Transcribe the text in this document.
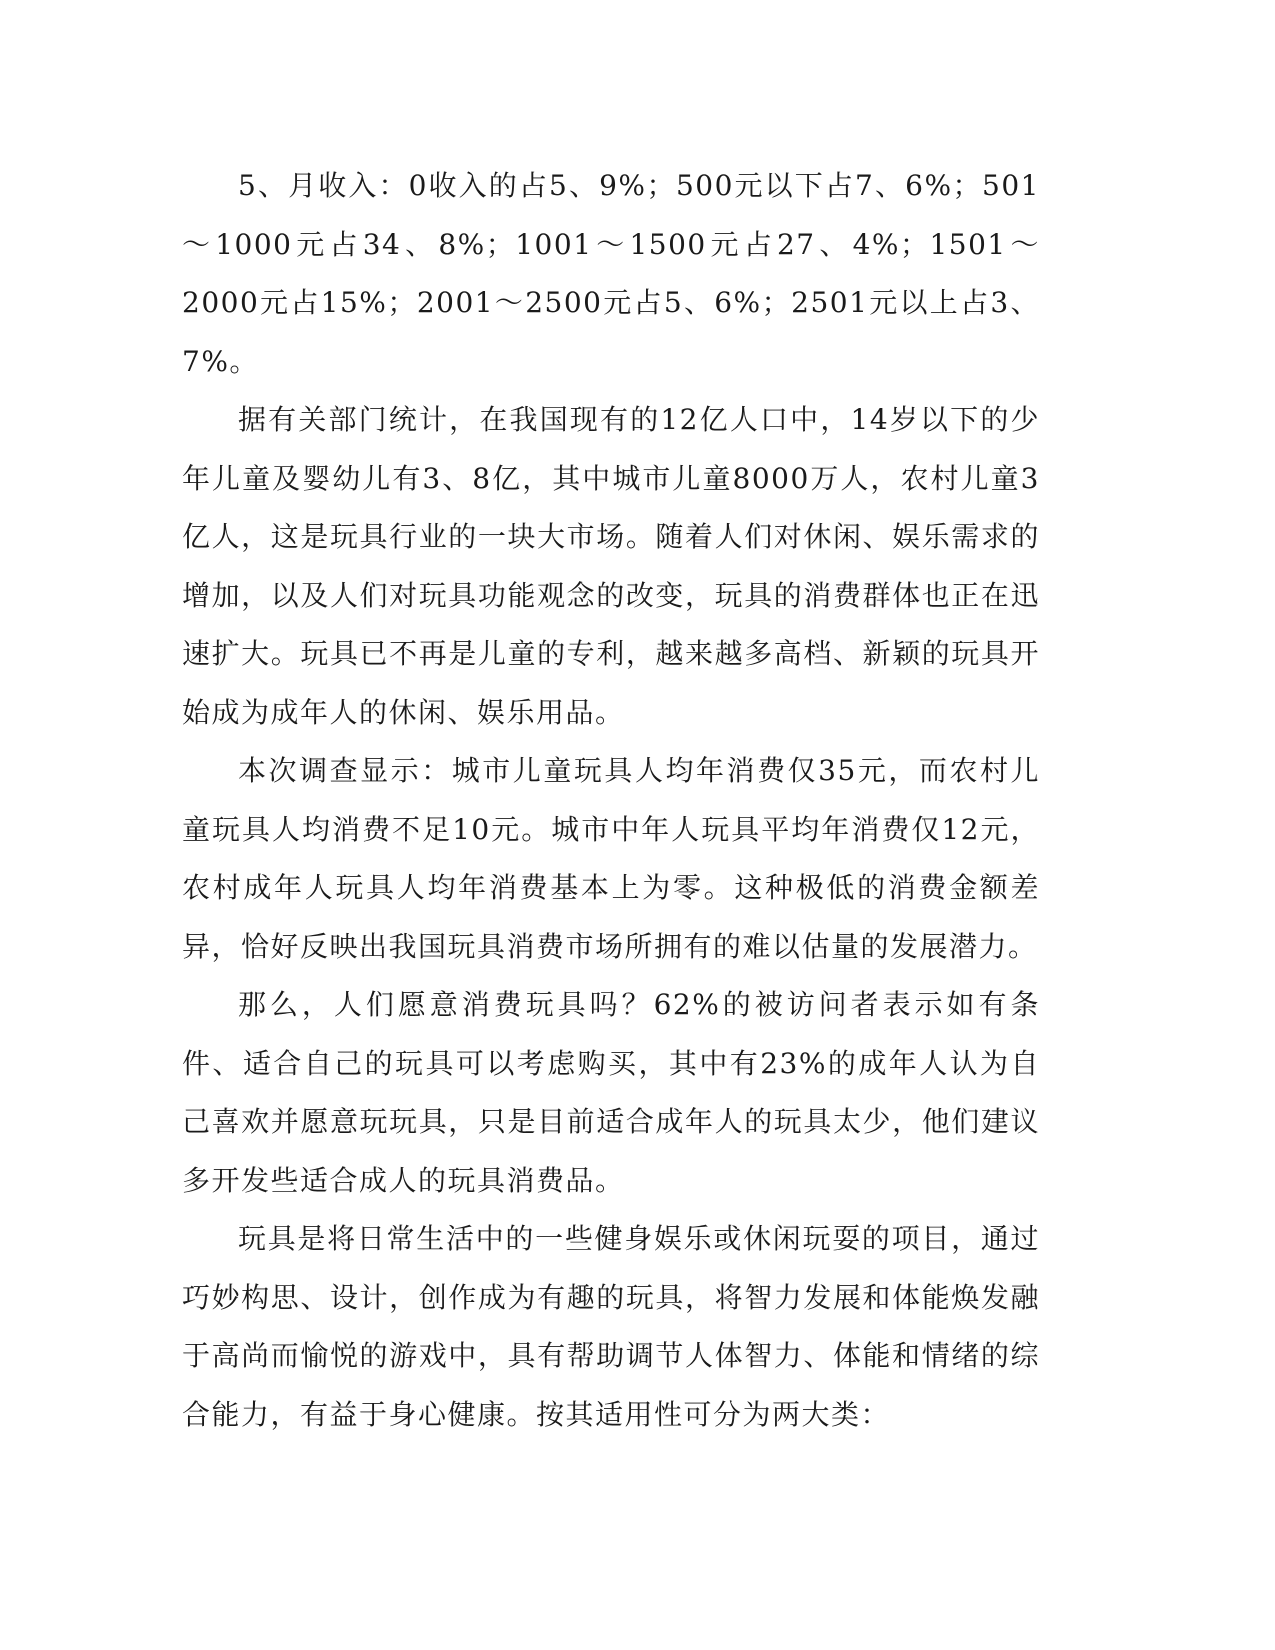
5、月收入：0收入的占5、9%；500元以下占7、6%；501～1000元占34、8%；1001～1500元占27、4%；1501～2000元占15%；2001～2500元占5、6%；2501元以上占3、7%。

据有关部门统计，在我国现有的12亿人口中，14岁以下的少年儿童及婴幼儿有3、8亿，其中城市儿童8000万人，农村儿童3亿人，这是玩具行业的一块大市场。随着人们对休闲、娱乐需求的增加，以及人们对玩具功能观念的改变，玩具的消费群体也正在迅速扩大。玩具已不再是儿童的专利，越来越多高档、新颖的玩具开始成为成年人的休闲、娱乐用品。

本次调查显示：城市儿童玩具人均年消费仅35元，而农村儿童玩具人均消费不足10元。城市中年人玩具平均年消费仅12元，农村成年人玩具人均年消费基本上为零。这种极低的消费金额差异，恰好反映出我国玩具消费市场所拥有的难以估量的发展潜力。

那么，人们愿意消费玩具吗？62%的被访问者表示如有条件、适合自己的玩具可以考虑购买，其中有23%的成年人认为自己喜欢并愿意玩玩具，只是目前适合成年人的玩具太少，他们建议多开发些适合成人的玩具消费品。

玩具是将日常生活中的一些健身娱乐或休闲玩耍的项目，通过巧妙构思、设计，创作成为有趣的玩具，将智力发展和体能焕发融于高尚而愉悦的游戏中，具有帮助调节人体智力、体能和情绪的综合能力，有益于身心健康。按其适用性可分为两大类：
